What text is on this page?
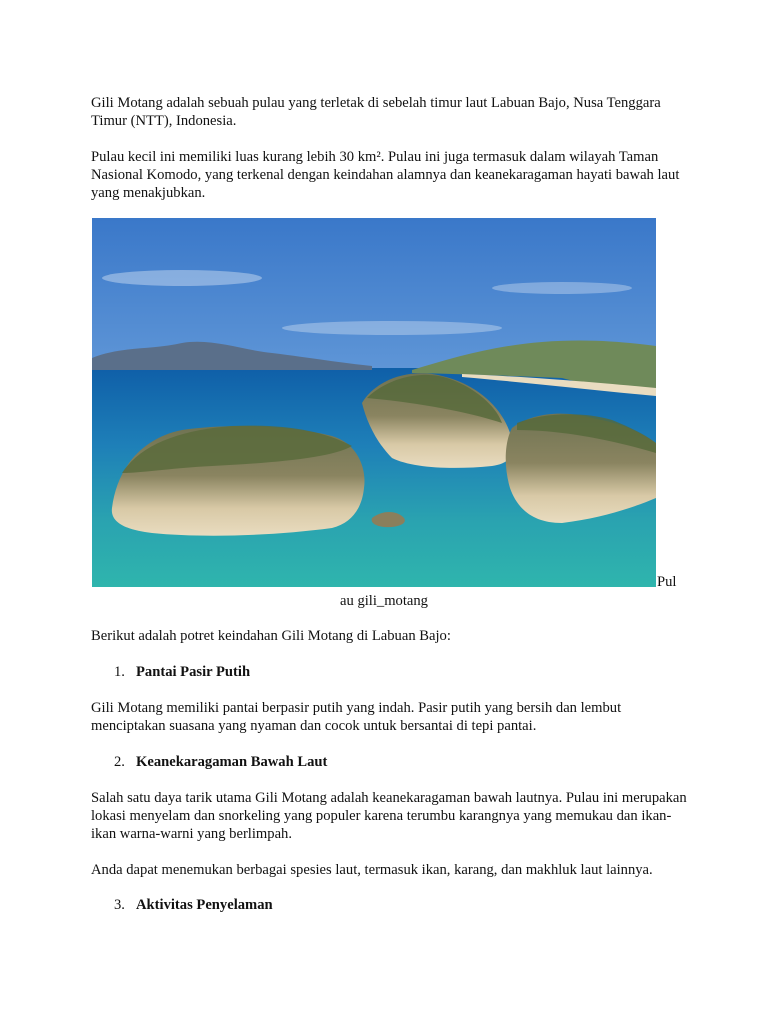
Gili Motang adalah sebuah pulau yang terletak di sebelah timur laut Labuan Bajo, Nusa Tenggara Timur (NTT), Indonesia.

Pulau kecil ini memiliki luas kurang lebih 30 km². Pulau ini juga termasuk dalam wilayah Taman Nasional Komodo, yang terkenal dengan keindahan alamnya dan keanekaragaman hayati bawah laut yang menakjubkan.

Pul
au gili_motang

Berikut adalah potret keindahan Gili Motang di Labuan Bajo:

1. Pantai Pasir Putih

Gili Motang memiliki pantai berpasir putih yang indah. Pasir putih yang bersih dan lembut menciptakan suasana yang nyaman dan cocok untuk bersantai di tepi pantai.

2. Keanekaragaman Bawah Laut

Salah satu daya tarik utama Gili Motang adalah keanekaragaman bawah lautnya. Pulau ini merupakan lokasi menyelam dan snorkeling yang populer karena terumbu karangnya yang memukau dan ikan-ikan warna-warni yang berlimpah.

Anda dapat menemukan berbagai spesies laut, termasuk ikan, karang, dan makhluk laut lainnya.

3. Aktivitas Penyelaman
